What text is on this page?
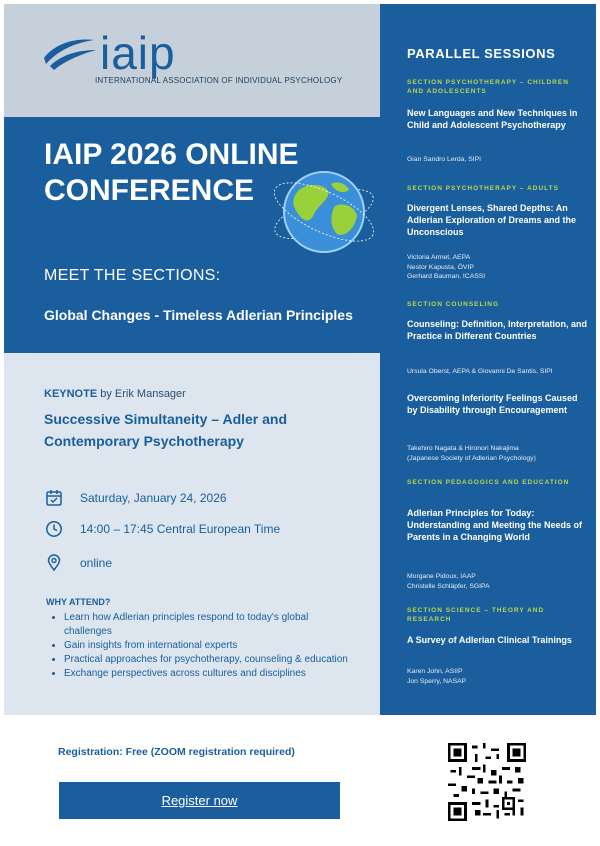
iaip
INTERNATIONAL ASSOCIATION OF INDIVIDUAL PSYCHOLOGY
IAIP 2026 ONLINE CONFERENCE
MEET THE SECTIONS:
Global Changes - Timeless Adlerian Principles
KEYNOTE by Erik Mansager
Successive Simultaneity – Adler and Contemporary Psychotherapy
Saturday, January 24, 2026
14:00 – 17:45 Central European Time
online
WHY ATTEND?
• Learn how Adlerian principles respond to today's global challenges
• Gain insights from international experts
• Practical approaches for psychotherapy, counseling & education
• Exchange perspectives across cultures and disciplines
PARALLEL SESSIONS
SECTION PSYCHOTHERAPY – CHILDREN AND ADOLESCENTS
New Languages and New Techniques in Child and Adolescent Psychotherapy
Gian Sandro Lerda, SIPI
SECTION PSYCHOTHERAPY – ADULTS
Divergent Lenses, Shared Depths: An Adlerian Exploration of Dreams and the Unconscious
Victoria Armet, AEPA
Nestor Kapusta, ÖVIP
Gerhard Bauman, ICASSI
SECTION COUNSELING
Counseling: Definition, Interpretation, and Practice in Different Countries
Ursula Oberst, AEPA & Giovanni De Santis, SIPI
Overcoming Inferiority Feelings Caused by Disability through Encouragement
Takehiro Nagata & Hironori Nakajima
(Japanese Society of Adlerian Psychology)
SECTION PEDAGOGICS AND EDUCATION
Adlerian Principles for Today: Understanding and Meeting the Needs of Parents in a Changing World
Morgane Pidoux, IAAP
Christelle Schläpfer, SGIPA
SECTION SCIENCE – THEORY AND RESEARCH
A Survey of Adlerian Clinical Trainings
Karen John, ASIIP
Jon Sperry, NASAP
Registration: Free (ZOOM registration required)
Register now
